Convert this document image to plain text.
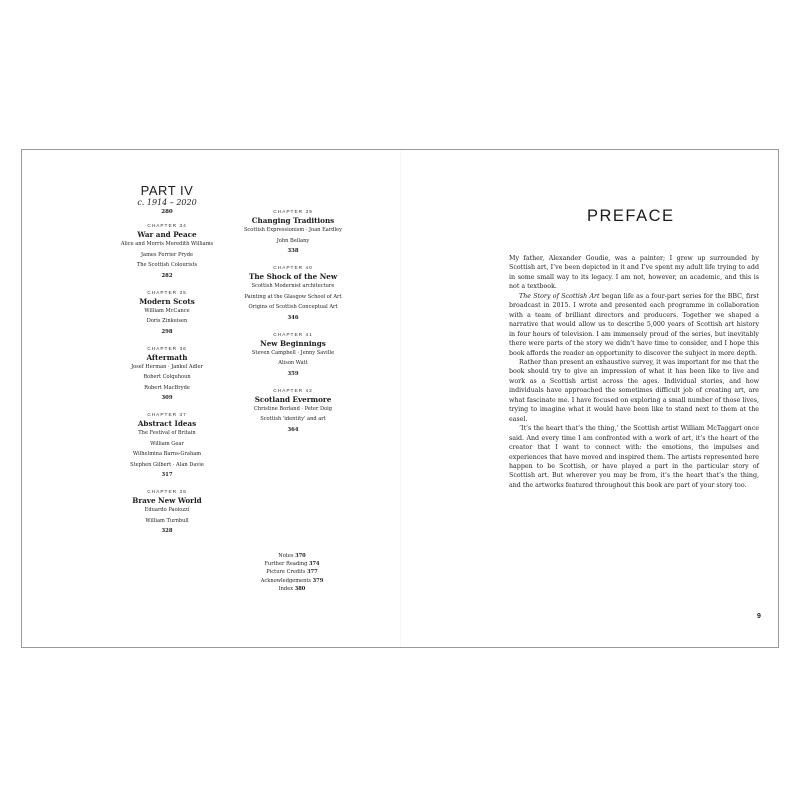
PART IV
c. 1914 – 2020
280
CHAPTER 34
War and Peace
Alice and Morris Meredith Williams
James Ferrier Pryde
The Scottish Colourists
282
CHAPTER 35
Modern Scots
William McCance
Doris Zinkeisen
298
CHAPTER 36
Aftermath
Josef Herman · Jankel Adler
Robert Colquhoun
Robert MacBryde
309
CHAPTER 37
Abstract Ideas
The Festival of Britain
William Gear
Wilhelmina Barns-Graham
Stephen Gilbert · Alan Davie
317
CHAPTER 38
Brave New World
Eduardo Paolozzi
William Turnbull
328
CHAPTER 39
Changing Traditions
Scottish Expressionism · Joan Eardley
John Bellany
338
CHAPTER 40
The Shock of the New
Scottish Modernist architecture
Painting at the Glasgow School of Art
Origins of Scottish Conceptual Art
346
CHAPTER 41
New Beginnings
Steven Campbell · Jenny Saville
Alison Watt
359
CHAPTER 42
Scotland Evermore
Christine Borland · Peter Doig
Scottish 'identity' and art
364
Notes 370
Further Reading 374
Picture Credits 377
Acknowledgements 379
Index 380
PREFACE

My father, Alexander Goudie, was a painter; I grew up surrounded by Scottish art, I’ve been depicted in it and I’ve spent my adult life trying to add in some small way to its legacy. I am not, however, an academic, and this is not a textbook.

The Story of Scottish Art began life as a four-part series for the BBC, first broadcast in 2015. I wrote and presented each programme in collaboration with a team of brilliant directors and producers. Together we shaped a narrative that would allow us to describe 5,000 years of Scottish art history in four hours of television. I am immensely proud of the series, but inevitably there were parts of the story we didn’t have time to consider, and I hope this book affords the reader an opportunity to discover the subject in more depth.

Rather than present an exhaustive survey, it was important for me that the book should try to give an impression of what it has been like to live and work as a Scottish artist across the ages. Individual stories, and how individuals have approached the sometimes difficult job of creating art, are what fascinate me. I have focused on exploring a small number of those lives, trying to imagine what it would have been like to stand next to them at the easel.

‘It’s the heart that’s the thing,’ the Scottish artist William McTaggart once said. And every time I am confronted with a work of art, it’s the heart of the creator that I want to connect with: the emotions, the impulses and experiences that have moved and inspired them. The artists represented here happen to be Scottish, or have played a part in the particular story of Scottish art. But wherever you may be from, it’s the heart that’s the thing, and the artworks featured throughout this book are part of your story too.

9
